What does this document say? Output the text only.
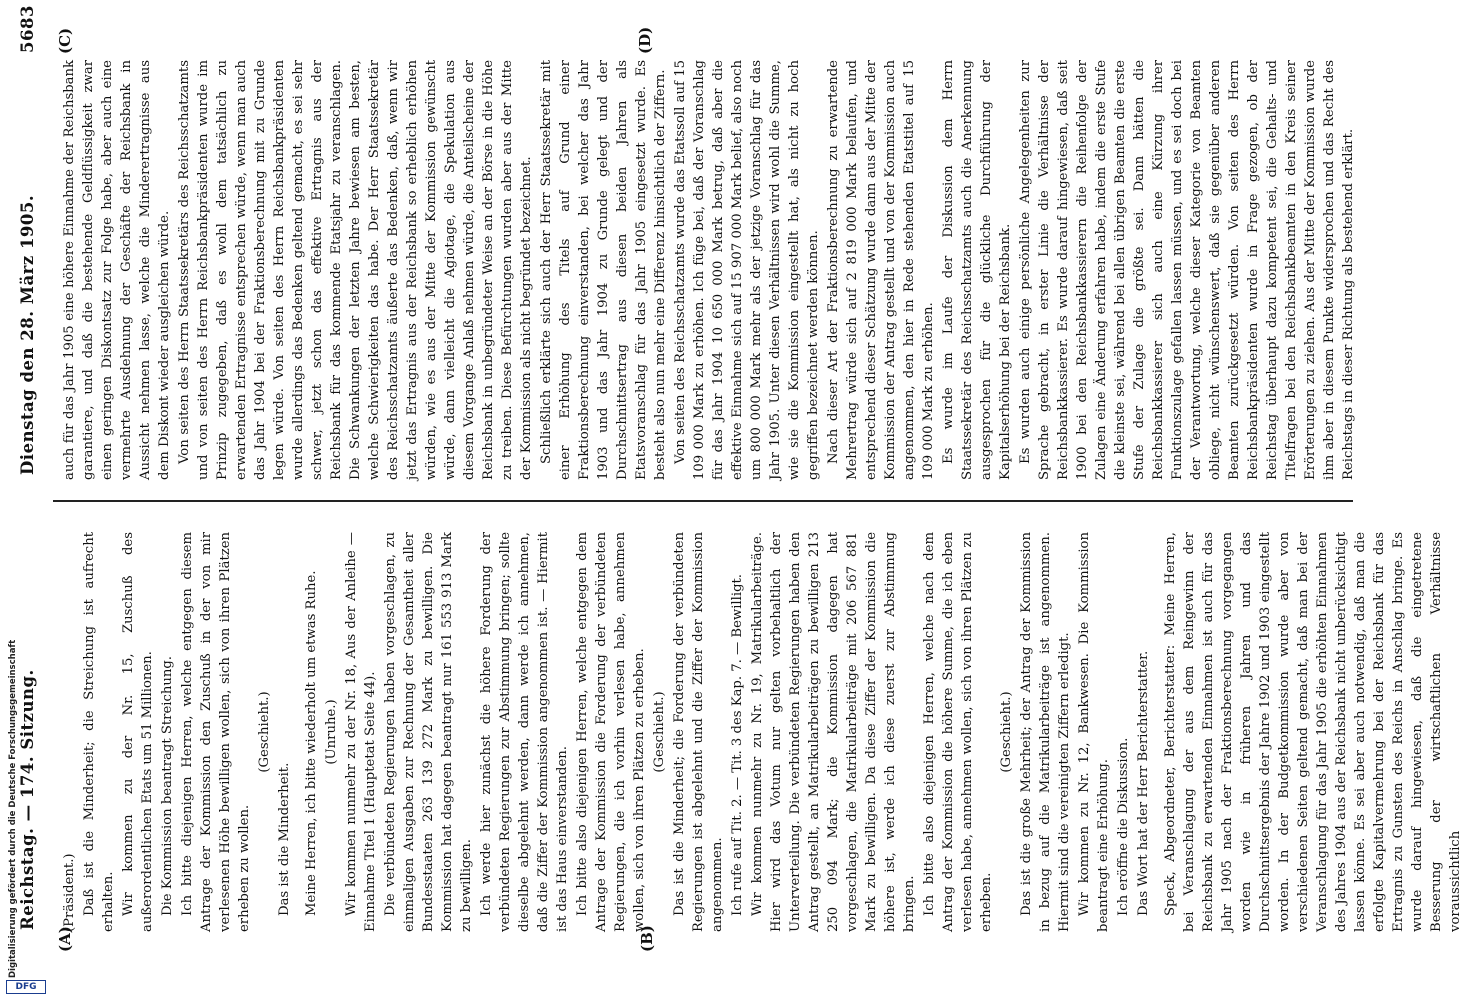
Reichstag. — 174. Sitzung.
Dienstag den 28. März 1905.
5683
(A)	(B)
(C)	(D)

(Präsident.) Daß ist die Minderheit; die Streichung ist aufrecht erhalten. Wir kommen zu der Nr. 15, Zuschuß des außerordentlichen Etats um 51 Millionen. Die Kommission beantragt Streichung. Ich bitte diejenigen Herren, welche entgegen diesem Antrage der Kommission den Zuschuß in der von mir verlesenen Höhe bewilligen wollen, sich von ihren Plätzen erheben zu wollen.

(Geschieht.)

Das ist die Minderheit. Meine Herren, ich bitte wiederholt um etwas Ruhe. (Unruhe.) Wir kommen nunmehr zu der Nr. 18, Aus der Anleihe — Einnahme Titel 1 (Hauptetat Seite 44). Die verbündeten Regierungen haben vorgeschlagen, zu einmaligen Ausgaben zur Rechnung der Gesamtheit aller Bundesstaaten 263 139 272 Mark zu bewilligen. Die Kommission hat dagegen beantragt nur 161 553 913 Mark zu bewilligen. Ich werde hier zunächst die höhere Forderung der verbündeten Regierungen zur Abstimmung bringen; sollte dieselbe abgelehnt werden, dann werde ich annehmen, daß die Ziffer der Kommission angenommen ist. — Hiermit ist das Haus einverstanden. Ich bitte also diejenigen Herren, welche entgegen dem Antrage der Kommission die Forderung der verbündeten Regierungen, die ich vorhin verlesen habe, annehmen wollen, sich von ihren Plätzen zu erheben. (Geschieht.) Das ist die Minderheit; die Forderung der verbündeten Regierungen ist abgelehnt und die Ziffer der Kommission angenommen. Ich rufe auf Tit. 2. — Tit. 3 des Kap. 7. — Bewilligt. Wir kommen nunmehr zu Nr. 19, Matrikularbeiträge. Hier wird das Votum nur gelten vorbehaltlich der Unterverteilung. Die verbündeten Regierungen haben den Antrag gestellt, an Matrikularbeiträgen zu bewilligen 213 250 094 Mark; die Kommission dagegen hat vorgeschlagen, die Matrikularbeiträge mit 206 567 881 Mark zu bewilligen. Da diese Ziffer der Kommission die höhere ist, werde ich diese zuerst zur Abstimmung bringen. Ich bitte also diejenigen Herren, welche nach dem Antrag der Kommission die höhere Summe, die ich eben verlesen habe, annehmen wollen, sich von ihren Plätzen zu erheben.

(Geschieht.) Das ist die große Mehrheit; der Antrag der Kommission in bezug auf die Matrikularbeiträge ist angenommen. Hiermit sind die vereinigten Ziffern erledigt. Wir kommen zu Nr. 12, Bankwesen. Die Kommission beantragt eine Erhöhung. Ich eröffne die Diskussion. Das Wort hat der Herr Berichterstatter. Speck, Abgeordneter, Berichterstatter: Meine Herren, bei Veranschlagung der aus dem Reingewinn der Reichsbank zu erwartenden Einnahmen ist auch für das Jahr 1905 nach der Fraktionsberechnung vorgegangen worden wie in früheren Jahren und das Durchschnittsergebnis der Jahre 1902 und 1903 eingestellt worden. In der Budgetkommission wurde aber von verschiedenen Seiten geltend gemacht, daß man bei der Veranschlagung für das Jahr 1905 die erhöhten Einnahmen des Jahres 1904 aus der Reichsbank nicht unberücksichtigt lassen könne. Es sei aber auch notwendig, daß man die erfolgte Kapitalvermehrung bei der Reichsbank für das Ertragnis zu Gunsten des Reichs in Anschlag bringe. Es wurde darauf hingewiesen, daß die eingetretene Besserung der wirtschaftlichen Verhältnisse voraussichtlich

auch für das Jahr 1905 eine höhere Einnahme der Reichsbank garantiere, und daß die bestehende Geldflüssigkeit zwar einen geringen Diskontsatz zur Folge habe, aber auch eine vermehrte Ausdehnung der Geschäfte der Reichsbank in Aussicht nehmen lasse, welche die Minderertragnisse aus dem Diskont wieder ausgleichen würde. Von seiten des Herrn Staatssekretärs des Reichsschatzamts und von seiten des Herrn Reichsbankpräsidenten wurde im Prinzip zugegeben, daß es wohl dem tatsächlich zu erwartenden Ertragnisse entsprechen würde, wenn man auch das Jahr 1904 bei der Fraktionsberechnung mit zu Grunde legen würde. Von seiten des Herrn Reichsbankpräsidenten wurde allerdings das Bedenken geltend gemacht, es sei sehr schwer, jetzt schon das effektive Ertragnis aus der Reichsbank für das kommende Etatsjahr zu veranschlagen. Die Schwankungen der letzten Jahre bewiesen am besten, welche Schwierigkeiten das habe. Der Herr Staatssekretär des Reichsschatzamts äußerte das Bedenken, daß, wenn wir jetzt das Ertragnis aus der Reichsbank so erheblich erhöhen würden, wie es aus der Mitte der Kommission gewünscht würde, dann vielleicht die Agiotage, die Spekulation aus diesem Vorgange Anlaß nehmen würde, die Anteilscheine der Reichsbank in unbegründeter Weise an der Börse in die Höhe zu treiben. Diese Befürchtungen wurden aber aus der Mitte der Kommission als nicht begründet bezeichnet. Schließlich erklärte sich auch der Herr Staatssekretär mit einer Erhöhung des Titels auf Grund einer Fraktionsberechnung einverstanden, bei welcher das Jahr 1903 und das Jahr 1904 zu Grunde gelegt und der Durchschnittsertrag aus diesen beiden Jahren als Etatsvoranschlag für das Jahr 1905 eingesetzt wurde. Es besteht also nun mehr eine Differenz hinsichtlich der Ziffern. Von seiten des Reichsschatzamts wurde das Etatssoll auf 15 109 000 Mark zu erhöhen. Ich füge bei, daß der Voranschlag für das Jahr 1904 10 650 000 Mark betrug, daß aber die effektive Einnahme sich auf 15 907 000 Mark belief, also noch um 800 000 Mark mehr als der jetzige Voranschlag für das Jahr 1905. Unter diesen Verhältnissen wird wohl die Summe, wie sie die Kommission eingestellt hat, als nicht zu hoch gegriffen bezeichnet werden können. Nach dieser Art der Fraktionsberechnung zu erwartende Mehrertrag würde sich auf 2 819 000 Mark belaufen, und entsprechend dieser Schätzung wurde dann aus der Mitte der Kommission der Antrag gestellt und von der Kommission auch angenommen, den hier in Rede stehenden Etatstitel auf 15 109 000 Mark zu erhöhen. Es wurde im Laufe der Diskussion dem Herrn Staatssekretär des Reichsschatzamts auch die Anerkennung ausgesprochen für die glückliche Durchführung der Kapitalserhöhung bei der Reichsbank. Es wurden auch einige persönliche Angelegenheiten zur Sprache gebracht, in erster Linie die Verhältnisse der Reichsbankkassierer. Es wurde darauf hingewiesen, daß seit 1900 bei den Reichsbankkassierern die Reihenfolge der Zulagen eine Änderung erfahren habe, indem die erste Stufe die kleinste sei, während bei allen übrigen Beamten die erste Stufe der Zulage die größte sei. Dann hätten die Reichsbankkassierer sich auch eine Kürzung ihrer Funktionszulage gefallen lassen müssen, und es sei doch bei der Verantwortung, welche dieser Kategorie von Beamten obliege, nicht wünschenswert, daß sie gegenüber anderen Beamten zurückgesetzt würden. Von seiten des Herrn Reichsbankpräsidenten wurde in Frage gezogen, ob der Reichstag überhaupt dazu kompetent sei, die Gehalts- und Titelfragen bei den Reichsbankbeamten in den Kreis seiner Erörterungen zu ziehen. Aus der Mitte der Kommission wurde ihm aber in diesem Punkte widersprochen und das Recht des Reichstags in dieser Richtung als bestehend erklärt.

Digitalisierung gefördert durch die Deutsche Forschungsgemeinschaft
DFG
